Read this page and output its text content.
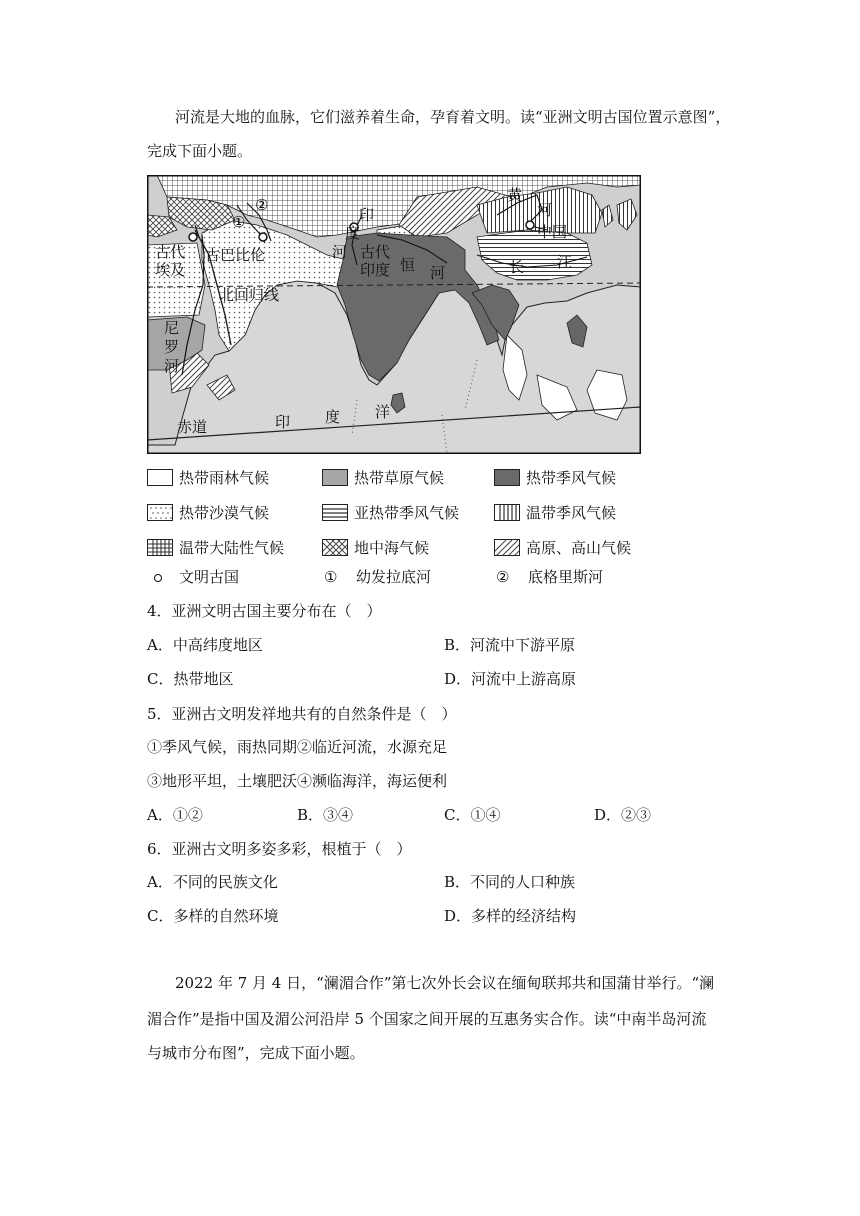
河流是大地的血脉，它们滋养着生命，孕育着文明。读“亚洲文明古国位置示意图”，
完成下面小题。
①
②
古代
埃及
古巴比伦
北回归线
尼
罗
河
赤道	印 度 洋
印
度
河 古代
印度 恒 河
黄
河
中国
长 江
热带雨林气候	热带草原气候	热带季风气候
热带沙漠气候	亚热带季风气候	温带季风气候
温带大陆性气候	地中海气候	高原、高山气候
文明古国	① 幼发拉底河	② 底格里斯河
4．亚洲文明古国主要分布在（　）
A．中高纬度地区	B．河流中下游平原
C．热带地区	D．河流中上游高原
5．亚洲古文明发祥地共有的自然条件是（　）
①季风气候，雨热同期②临近河流，水源充足
③地形平坦，土壤肥沃④濒临海洋，海运便利
A．①②	B．③④	C．①④	D．②③
6．亚洲古文明多姿多彩，根植于（　）
A．不同的民族文化	B．不同的人口种族
C．多样的自然环境	D．多样的经济结构
2022 年 7 月 4 日，“澜湄合作”第七次外长会议在缅甸联邦共和国蒲甘举行。“澜
湄合作”是指中国及湄公河沿岸 5 个国家之间开展的互惠务实合作。读“中南半岛河流
与城市分布图”，完成下面小题。
